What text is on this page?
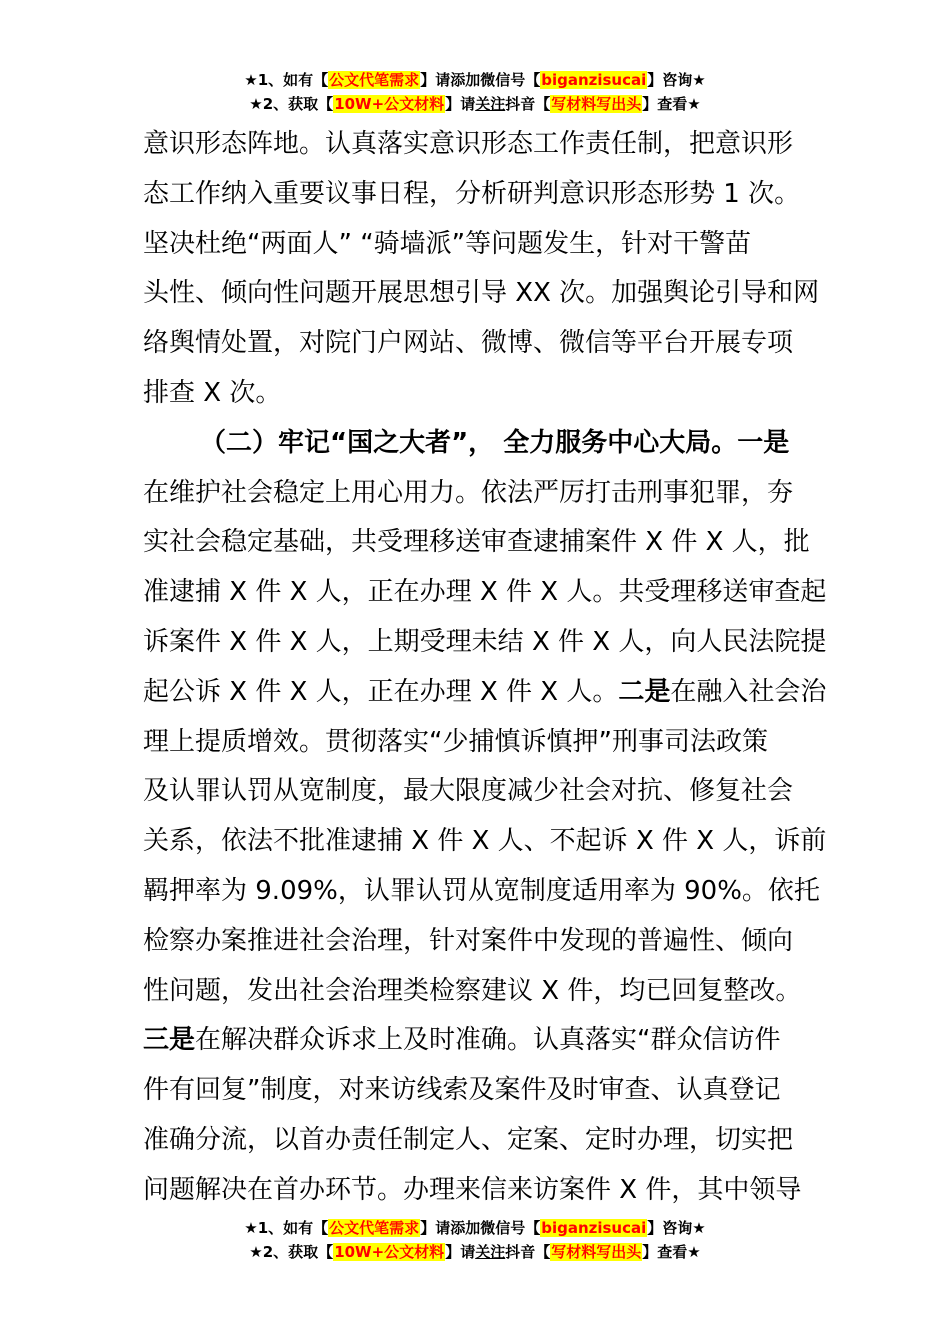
★1、如有【公文代笔需求】请添加微信号【biganzisucai】咨询★
★2、获取【10W+公文材料】请关注抖音【写材料写出头】查看★
意识形态阵地。认真落实意识形态工作责任制，把意识形
态工作纳入重要议事日程，分析研判意识形态形势 1 次。
坚决杜绝“两面人” “骑墙派”等问题发生，针对干警苗
头性、倾向性问题开展思想引导 XX 次。加强舆论引导和网
络舆情处置，对院门户网站、微博、微信等平台开展专项
排查 X 次。
（二）牢记“国之大者”， 全力服务中心大局。一是
在维护社会稳定上用心用力。依法严厉打击刑事犯罪，夯
实社会稳定基础，共受理移送审查逮捕案件 X 件 X 人，批
准逮捕 X 件 X 人，正在办理 X 件 X 人。共受理移送审查起
诉案件 X 件 X 人，上期受理未结 X 件 X 人，向人民法院提
起公诉 X 件 X 人，正在办理 X 件 X 人。二是在融入社会治
理上提质增效。贯彻落实“少捕慎诉慎押”刑事司法政策
及认罪认罚从宽制度，最大限度减少社会对抗、修复社会
关系，依法不批准逮捕 X 件 X 人、不起诉 X 件 X 人，诉前
羁押率为 9.09%，认罪认罚从宽制度适用率为 90%。依托
检察办案推进社会治理，针对案件中发现的普遍性、倾向
性问题，发出社会治理类检察建议 X 件，均已回复整改。
三是在解决群众诉求上及时准确。认真落实“群众信访件
件有回复”制度，对来访线索及案件及时审查、认真登记
准确分流，以首办责任制定人、定案、定时办理，切实把
问题解决在首办环节。办理来信来访案件 X 件，其中领导
★1、如有【公文代笔需求】请添加微信号【biganzisucai】咨询★
★2、获取【10W+公文材料】请关注抖音【写材料写出头】查看★
